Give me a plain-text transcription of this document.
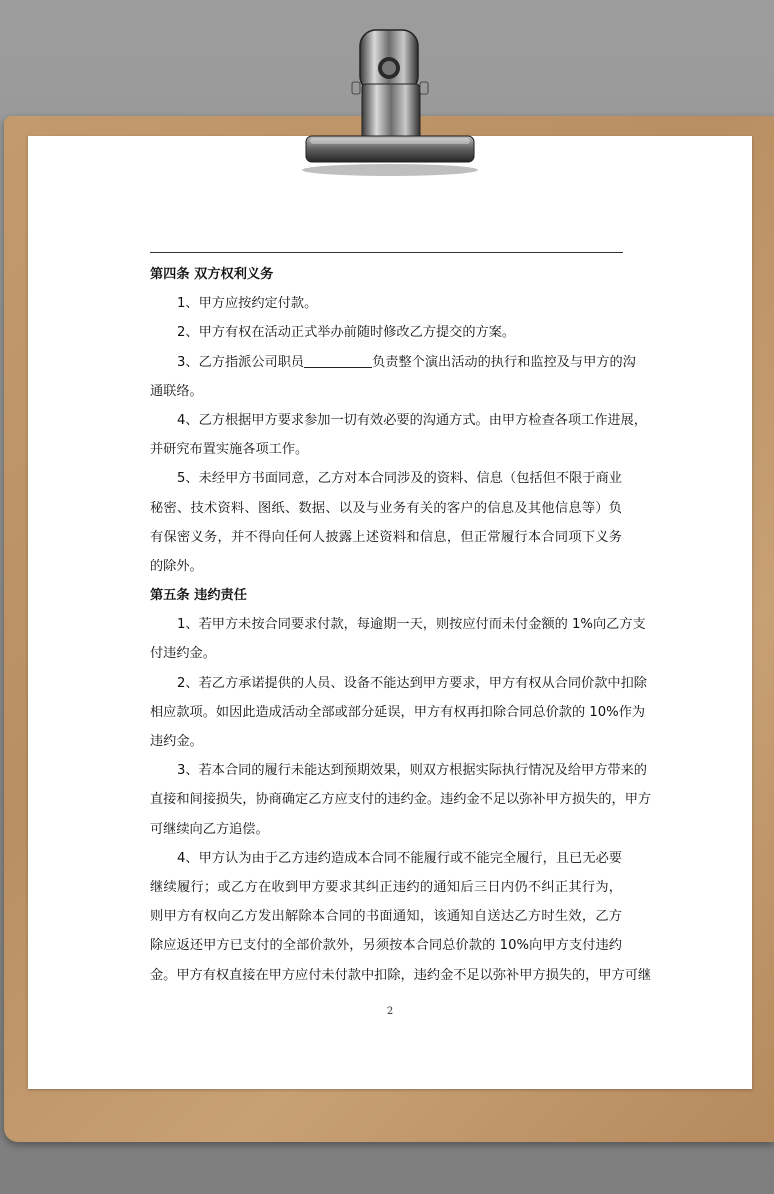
第四条 双方权利义务
1、甲方应按约定付款。
2、甲方有权在活动正式举办前随时修改乙方提交的方案。
3、乙方指派公司职员	负责整个演出活动的执行和监控及与甲方的沟
通联络。
4、乙方根据甲方要求参加一切有效必要的沟通方式。由甲方检查各项工作进展，
并研究布置实施各项工作。
5、未经甲方书面同意，乙方对本合同涉及的资料、信息（包括但不限于商业
秘密、技术资料、图纸、数据、以及与业务有关的客户的信息及其他信息等）负
有保密义务，并不得向任何人披露上述资料和信息，但正常履行本合同项下义务
的除外。
第五条 违约责任
1、若甲方未按合同要求付款，每逾期一天，则按应付而未付金额的 1%向乙方支
付违约金。
2、若乙方承诺提供的人员、设备不能达到甲方要求，甲方有权从合同价款中扣除
相应款项。如因此造成活动全部或部分延误，甲方有权再扣除合同总价款的 10%作为
违约金。
3、若本合同的履行未能达到预期效果，则双方根据实际执行情况及给甲方带来的
直接和间接损失，协商确定乙方应支付的违约金。违约金不足以弥补甲方损失的，甲方
可继续向乙方追偿。
4、甲方认为由于乙方违约造成本合同不能履行或不能完全履行，且已无必要
继续履行；或乙方在收到甲方要求其纠正违约的通知后三日内仍不纠正其行为，
则甲方有权向乙方发出解除本合同的书面通知，该通知自送达乙方时生效，乙方
除应返还甲方已支付的全部价款外，另须按本合同总价款的 10%向甲方支付违约
金。甲方有权直接在甲方应付未付款中扣除，违约金不足以弥补甲方损失的，甲方可继
2
